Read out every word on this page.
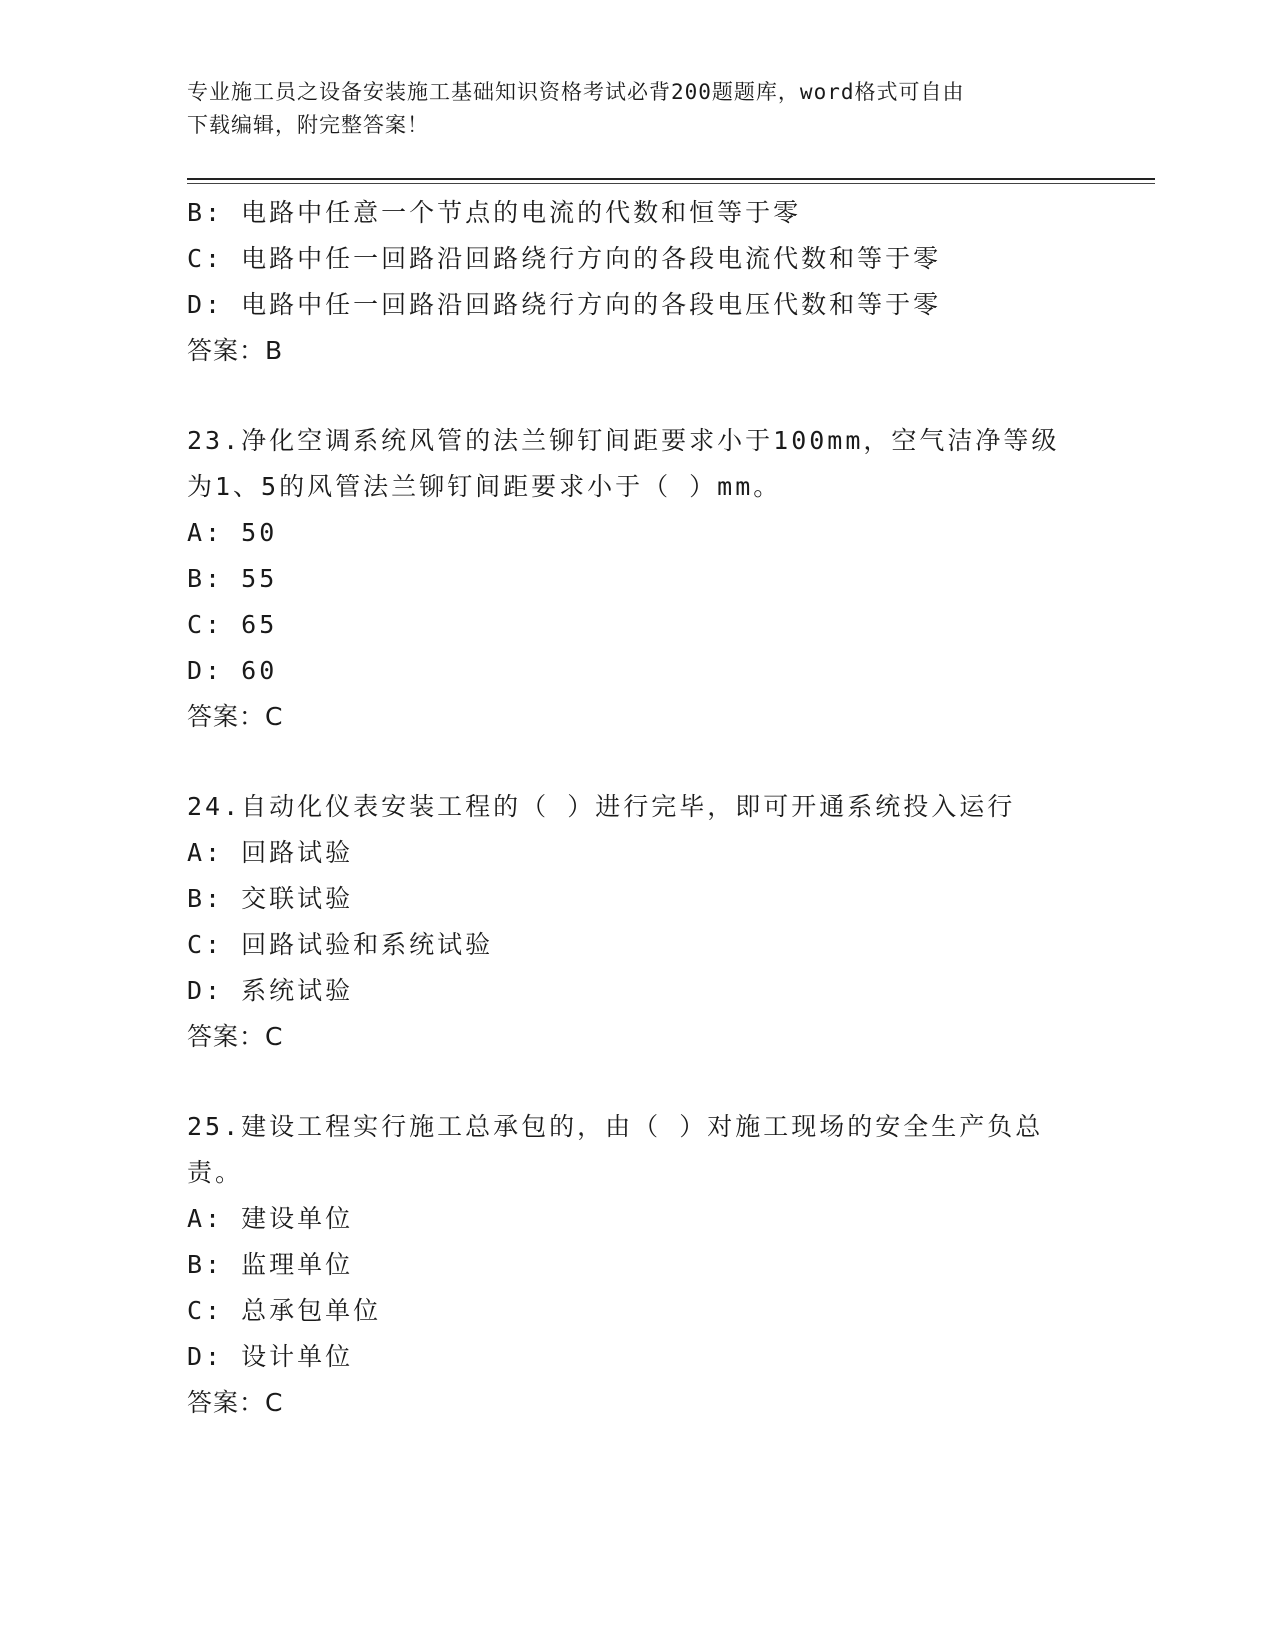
专业施工员之设备安装施工基础知识资格考试必背200题题库，word格式可自由
下载编辑，附完整答案！
B: 电路中任意一个节点的电流的代数和恒等于零
C: 电路中任一回路沿回路绕行方向的各段电流代数和等于零
D: 电路中任一回路沿回路绕行方向的各段电压代数和等于零
答案：B
23.净化空调系统风管的法兰铆钉间距要求小于100mm，空气洁净等级
为1、5的风管法兰铆钉间距要求小于（ ）mm。
A: 50
B: 55
C: 65
D: 60
答案：C
24.自动化仪表安装工程的（ ）进行完毕，即可开通系统投入运行
A: 回路试验
B: 交联试验
C: 回路试验和系统试验
D: 系统试验
答案：C
25.建设工程实行施工总承包的，由（ ）对施工现场的安全生产负总
责。
A: 建设单位
B: 监理单位
C: 总承包单位
D: 设计单位
答案：C
